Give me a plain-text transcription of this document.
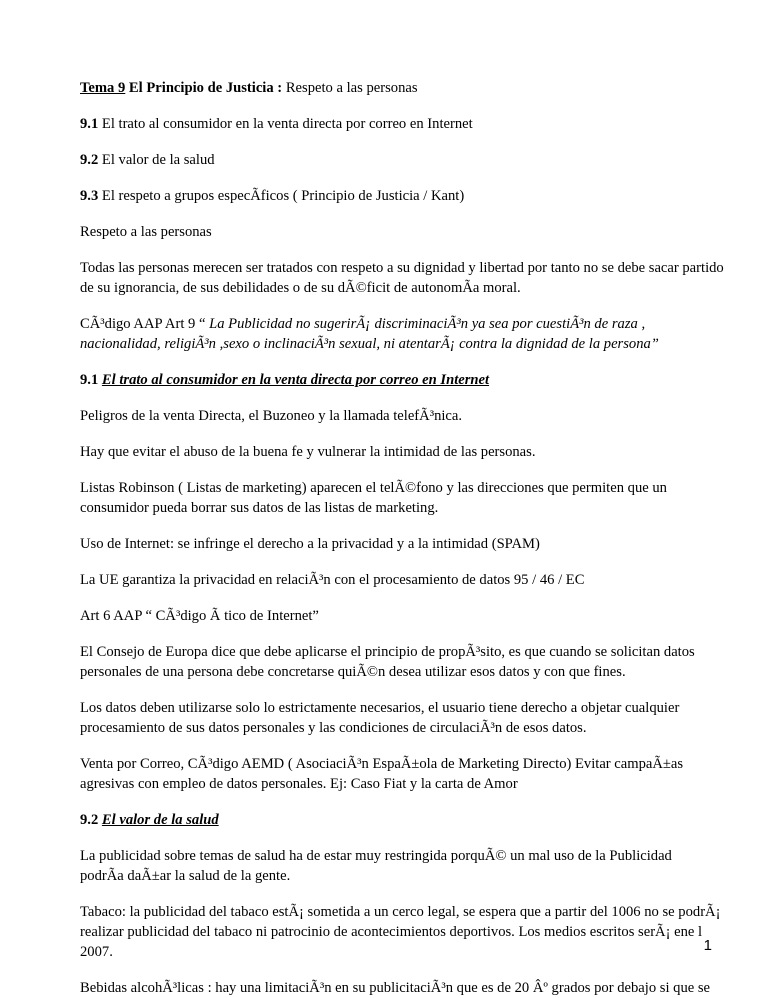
Tema 9 El Principio de Justicia : Respeto a las personas

9.1 El trato al consumidor en la venta directa por correo en Internet

9.2 El valor de la salud

9.3 El respeto a grupos especÃficos ( Principio de Justicia / Kant)

Respeto a las personas

Todas las personas merecen ser tratados con respeto a su dignidad y libertad por tanto no se debe sacar partido

de su ignorancia, de sus debilidades o de su dÃ©ficit de autonomÃa moral.

CÃ³digo AAP Art 9 “ La Publicidad no sugerirÃ¡ discriminaciÃ³n ya sea por cuestiÃ³n de raza ,

nacionalidad, religiÃ³n ,sexo o inclinaciÃ³n sexual, ni atentarÃ¡ contra la dignidad de la persona”

9.1 El trato al consumidor en la venta directa por correo en Internet

Peligros de la venta Directa, el Buzoneo y la llamada telefÃ³nica.

Hay que evitar el abuso de la buena fe y vulnerar la intimidad de las personas.

Listas Robinson ( Listas de marketing) aparecen el telÃ©fono y las direcciones que permiten que un

consumidor pueda borrar sus datos de las listas de marketing.

Uso de Internet: se infringe el derecho a la privacidad y a la intimidad (SPAM)

La UE garantiza la privacidad en relaciÃ³n con el procesamiento de datos 95 / 46 / EC

Art 6 AAP “ CÃ³digo Ã tico de Internet”

El Consejo de Europa dice que debe aplicarse el principio de propÃ³sito, es que cuando se solicitan datos

personales de una persona debe concretarse quiÃ©n desea utilizar esos datos y con que fines.

Los datos deben utilizarse solo lo estrictamente necesarios, el usuario tiene derecho a objetar cualquier

procesamiento de sus datos personales y las condiciones de circulaciÃ³n de esos datos.

Venta por Correo, CÃ³digo AEMD ( AsociaciÃ³n EspaÃ±ola de Marketing Directo) Evitar campaÃ±as

agresivas con empleo de datos personales. Ej: Caso Fiat y la carta de Amor

9.2 El valor de la salud

La publicidad sobre temas de salud ha de estar muy restringida porquÃ© un mal uso de la Publicidad

podrÃa daÃ±ar la salud de la gente.

Tabaco: la publicidad del tabaco estÃ¡ sometida a un cerco legal, se espera que a partir del 1006 no se podrÃ¡

realizar publicidad del tabaco ni patrocinio de acontecimientos deportivos. Los medios escritos serÃ¡ ene l

2007.

Bebidas alcohÃ³licas : hay una limitaciÃ³n en su publicitaciÃ³n que es de 20 Âº grados por debajo si que se

1
